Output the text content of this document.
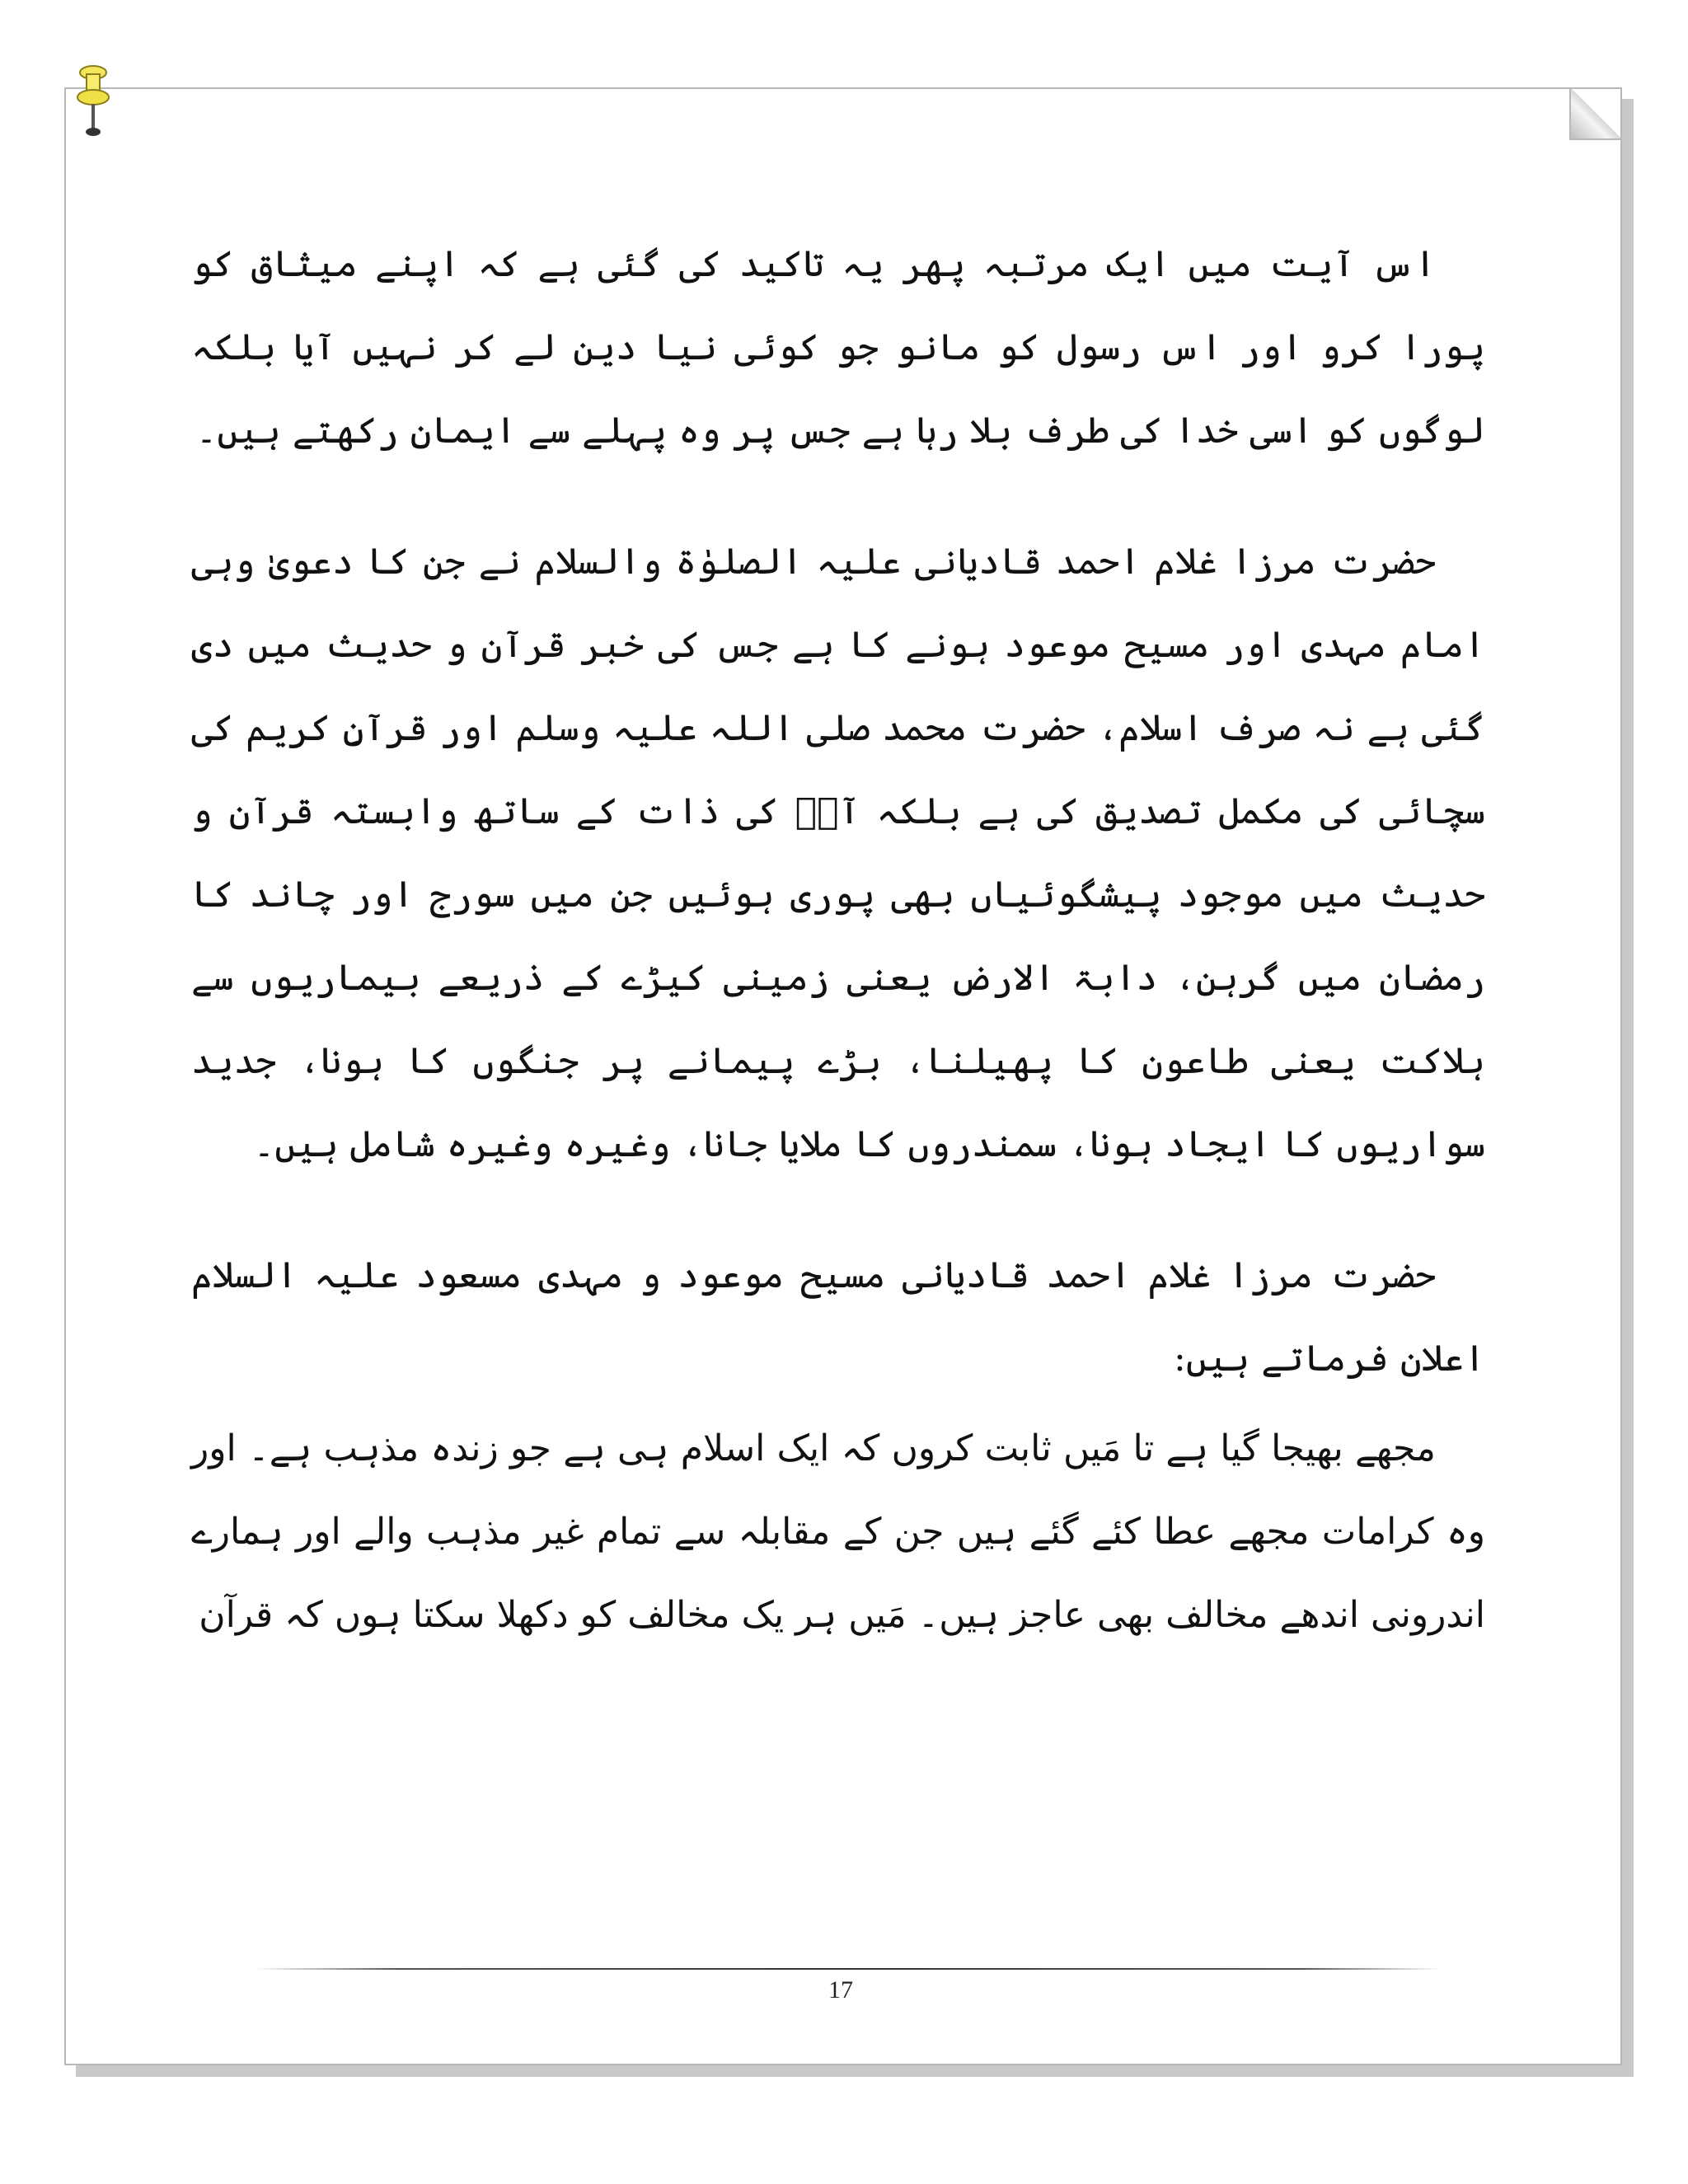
اس آیت میں ایک مرتبہ پھر یہ تاکید کی گئی ہے کہ اپنے میثاق کو پورا کرو اور اس رسول کو مانو جو کوئی نیا دین لے کر نہیں آیا بلکہ لوگوں کو اسی خدا کی طرف بلا رہا ہے جس پر وہ پہلے سے ایمان رکھتے ہیں۔

حضرت مرزا غلام احمد قادیانی علیہ الصلوٰۃ والسلام نے جن کا دعویٰ وہی امام مہدی اور مسیح موعود ہونے کا ہے جس کی خبر قرآن و حدیث میں دی گئی ہے نہ صرف اسلام، حضرت محمد صلی اللہ علیہ وسلم اور قرآنِ کریم کی سچائی کی مکمل تصدیق کی ہے بلکہ آپؑ کی ذات کے ساتھ وابستہ قرآن و حدیث میں موجود پیشگوئیاں بھی پوری ہوئیں جن میں سورج اور چاند کا رمضان میں گرہن، دابۃ الارض یعنی زمینی کیڑے کے ذریعے بیماریوں سے ہلاکت یعنی طاعون کا پھیلنا، بڑے پیمانے پر جنگوں کا ہونا، جدید سواریوں کا ایجاد ہونا، سمندروں کا ملایا جانا، وغیرہ وغیرہ شامل ہیں۔

حضرت مرزا غلام احمد قادیانی مسیح موعود و مہدی مسعود علیہ السلام اعلان فرماتے ہیں:

مجھے بھیجا گیا ہے تا مَیں ثابت کروں کہ ایک اسلام ہی ہے جو زندہ مذہب ہے۔ اور وہ کرامات مجھے عطا کئے گئے ہیں جن کے مقابلہ سے تمام غیر مذہب والے اور ہمارے اندرونی اندھے مخالف بھی عاجز ہیں۔ مَیں ہر یک مخالف کو دکھلا سکتا ہوں کہ قرآن

17
